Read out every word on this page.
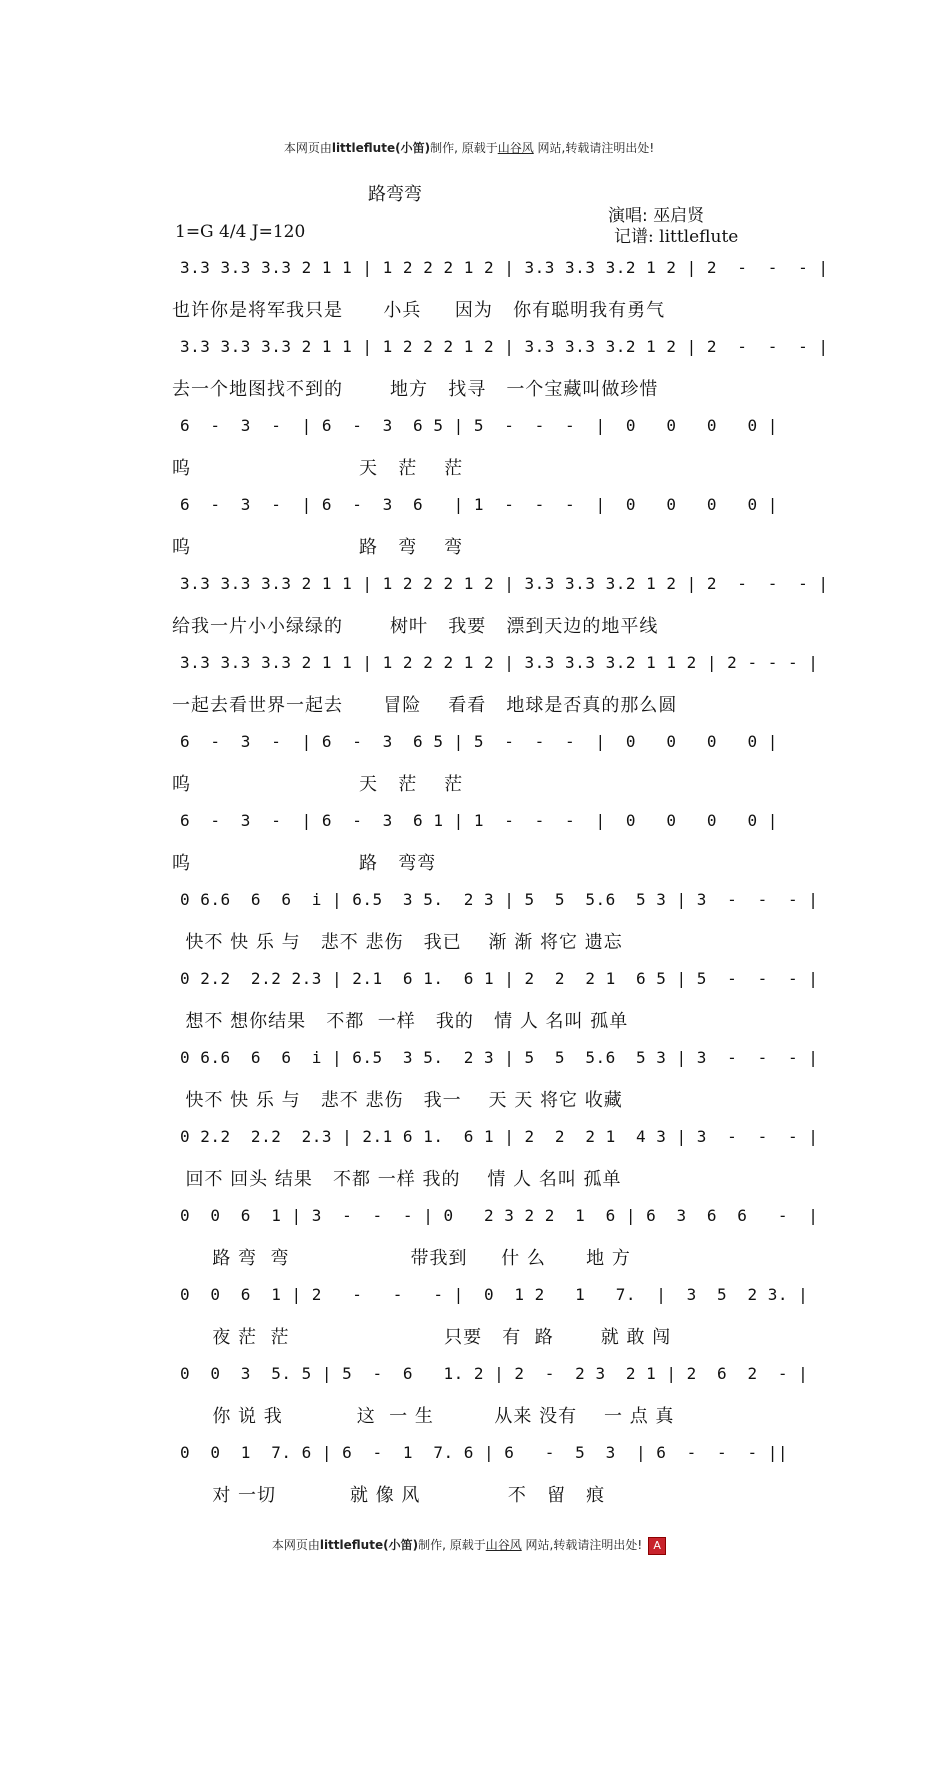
本网页由littleflute(小笛)制作, 原载于山谷风 网站,转载请注明出处!
路弯弯
演唱: 巫启贤
1=G 4/4 J=120	记谱: littleflute
3.3 3.3 3.3 2 1 1 | 1 2 2 2 1 2 | 3.3 3.3 3.2 1 2 | 2  -  -  - |
也许你是将军我只是      小兵     因为   你有聪明我有勇气
3.3 3.3 3.3 2 1 1 | 1 2 2 2 1 2 | 3.3 3.3 3.2 1 2 | 2  -  -  - |
去一个地图找不到的       地方   找寻   一个宝藏叫做珍惜
6  -  3  -  | 6  -  3  6 5 | 5  -  -  -  |  0   0   0   0 |
呜                         天   茫    茫
6  -  3  -  | 6  -  3  6   | 1  -  -  -  |  0   0   0   0 |
呜                         路   弯    弯
3.3 3.3 3.3 2 1 1 | 1 2 2 2 1 2 | 3.3 3.3 3.2 1 2 | 2  -  -  - |
给我一片小小绿绿的       树叶   我要   漂到天边的地平线
3.3 3.3 3.3 2 1 1 | 1 2 2 2 1 2 | 3.3 3.3 3.2 1 1 2 | 2 - - - |
一起去看世界一起去      冒险    看看   地球是否真的那么圆
6  -  3  -  | 6  -  3  6 5 | 5  -  -  -  |  0   0   0   0 |
呜                         天   茫    茫
6  -  3  -  | 6  -  3  6 1 | 1  -  -  -  |  0   0   0   0 |
呜                         路   弯弯
0 6.6  6  6  i | 6.5  3 5.  2 3 | 5  5  5.6  5 3 | 3  -  -  - |
快不 快 乐 与   悲不 悲伤   我已    渐 渐 将它 遗忘
0 2.2  2.2 2.3 | 2.1  6 1.  6 1 | 2  2  2 1  6 5 | 5  -  -  - |
想不 想你结果   不都  一样   我的   情 人 名叫 孤单
0 6.6  6  6  i | 6.5  3 5.  2 3 | 5  5  5.6  5 3 | 3  -  -  - |
快不 快 乐 与   悲不 悲伤   我一    天 天 将它 收藏
0 2.2  2.2  2.3 | 2.1 6 1.  6 1 | 2  2  2 1  4 3 | 3  -  -  - |
回不 回头 结果   不都 一样 我的    情 人 名叫 孤单
0  0  6  1 | 3  -  -  - | 0   2 3 2 2  1  6 | 6  3  6  6   -  |
路 弯  弯                  带我到     什 么      地 方
0  0  6  1 | 2   -   -   - |  0  1 2   1   7.  |  3  5  2 3. |
夜 茫  茫                       只要   有  路       就 敢 闯
0  0  3  5. 5 | 5  -  6   1. 2 | 2  -  2 3  2 1 | 2  6  2  - |
你 说 我           这  一 生         从来 没有    一 点 真
0  0  1  7. 6 | 6  -  1  7. 6 | 6   -  5  3  | 6  -  -  - ||
对 一切           就 像 风             不   留   痕
本网页由littleflute(小笛)制作, 原载于山谷风 网站,转载请注明出处! A
